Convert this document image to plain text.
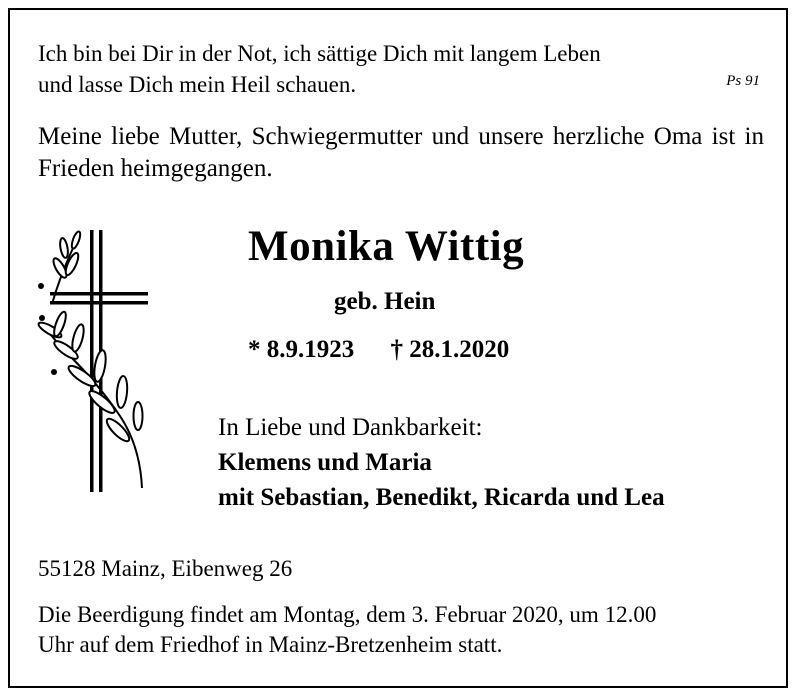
Ich bin bei Dir in der Not, ich sättige Dich mit langem Leben
und lasse Dich mein Heil schauen.	Ps 91
Meine liebe Mutter, Schwiegermutter und unsere herzliche Oma ist in Frieden heimgegangen.
Monika Wittig
geb. Hein
* 8.9.1923 † 28.1.2020
In Liebe und Dankbarkeit:
Klemens und Maria
mit Sebastian, Benedikt, Ricarda und Lea
55128 Mainz, Eibenweg 26
Die Beerdigung findet am Montag, dem 3. Februar 2020, um 12.00
Uhr auf dem Friedhof in Mainz-Bretzenheim statt.
